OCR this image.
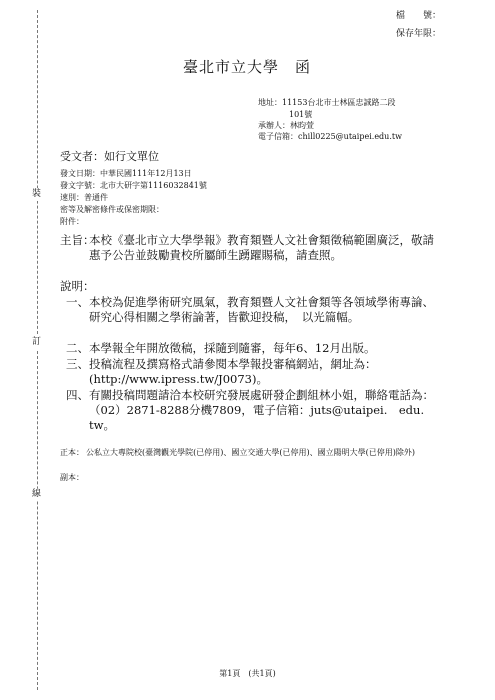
裝
訂
線
檔　　號：
保存年限：
臺北市立大學　函
地址：11153台北市士林區忠誠路二段
101號
承辦人：林昀萱
電子信箱：chill0225@utaipei.edu.tw
受文者：如行文單位
發文日期：中華民國111年12月13日
發文字號：北市大研字第1116032841號
速別：普通件
密等及解密條件或保密期限：
附件：
主旨：
本校《臺北市立大學學報》教育類暨人文社會類徵稿範圍廣泛，敬請惠予公告並鼓勵貴校所屬師生踴躍賜稿，請查照。
說明：
一、 本校為促進學術研究風氣，教育類暨人文社會類等各領域學術專論、研究心得相關之學術論著，皆歡迎投稿，　以光篇幅。
二、 本學報全年開放徵稿，採隨到隨審，每年6、12月出版。
三、 投稿流程及撰寫格式請參閱本學報投審稿網站，網址為：(http://www.ipress.tw/J0073)。
四、 有關投稿問題請洽本校研究發展處研發企劃組林小姐，聯絡電話為：（02）2871-8288分機7809，電子信箱：juts@utaipei.　edu.　tw。
正本： 公私立大專院校(臺灣觀光學院(已停用)、國立交通大學(已停用)、國立陽明大學(已停用)除外)
副本：
第1頁　(共1頁)
